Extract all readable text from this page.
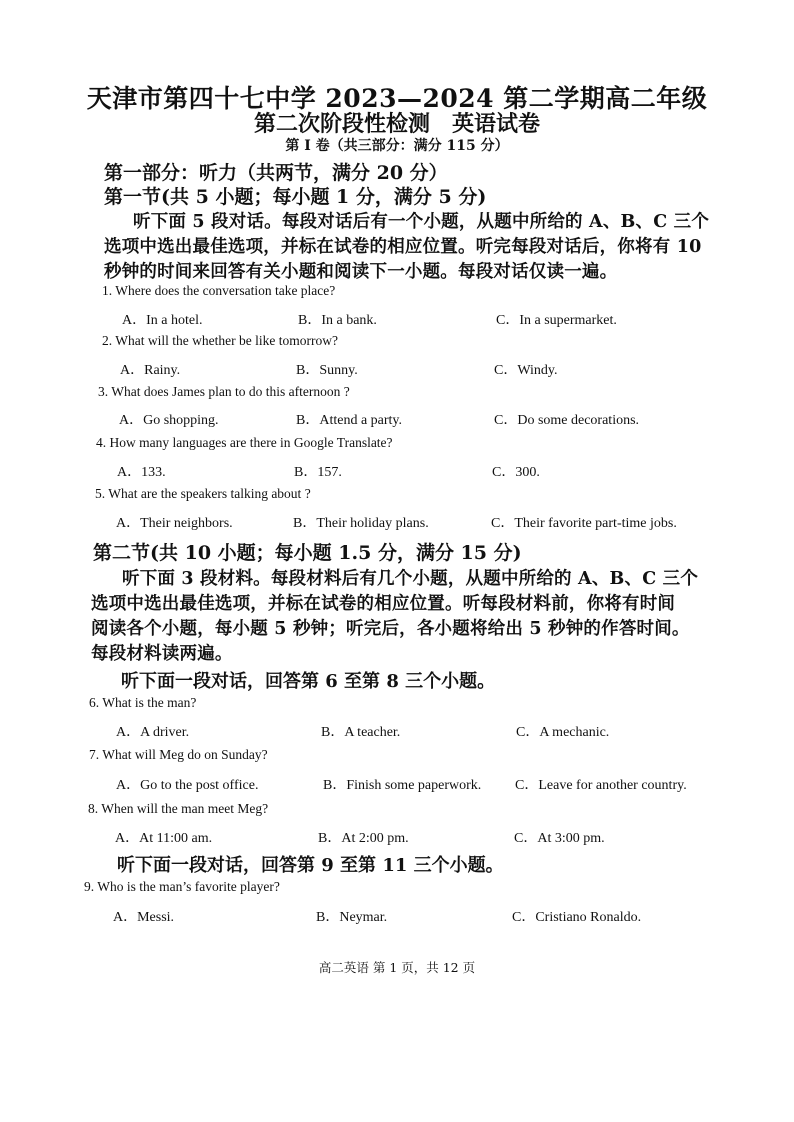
天津市第四十七中学 2023—2024 第二学期高二年级
第二次阶段性检测 英语试卷
第 I 卷（共三部分：满分 115 分）
第一部分：听力（共两节，满分 20 分）
第一节(共 5 小题；每小题 1 分，满分 5 分)
听下面 5 段对话。每段对话后有一个小题，从题中所给的 A、B、C 三个
选项中选出最佳选项，并标在试卷的相应位置。听完每段对话后，你将有 10
秒钟的时间来回答有关小题和阅读下一小题。每段对话仅读一遍。
1. Where does the conversation take place?
A．In a hotel.	B．In a bank.	C．In a supermarket.
2. What will the whether be like tomorrow?
A．Rainy.	B．Sunny.	C．Windy.
3. What does James plan to do this afternoon ?
A．Go shopping.	B．Attend a party.	C．Do some decorations.
4. How many languages are there in Google Translate?
A．133.	B．157.	C．300.
5. What are the speakers talking about ?
A．Their neighbors.	B．Their holiday plans.	C．Their favorite part-time jobs.
第二节(共 10 小题；每小题 1.5 分，满分 15 分)
听下面 3 段材料。每段材料后有几个小题，从题中所给的 A、B、C 三个
选项中选出最佳选项，并标在试卷的相应位置。听每段材料前，你将有时间
阅读各个小题，每小题 5 秒钟；听完后，各小题将给出 5 秒钟的作答时间。
每段材料读两遍。
听下面一段对话，回答第 6 至第 8 三个小题。
6. What is the man?
A．A driver.	B．A teacher.	C．A mechanic.
7. What will Meg do on Sunday?
A．Go to the post office.	B．Finish some paperwork. C．Leave for another country.
8. When will the man meet Meg?
A．At 11:00 am.	B．At 2:00 pm.	C．At 3:00 pm.
听下面一段对话，回答第 9 至第 11 三个小题。
9. Who is the man’s favorite player?
A．Messi.	B．Neymar.	C．Cristiano Ronaldo.
高二英语 第 1 页，共 12 页
